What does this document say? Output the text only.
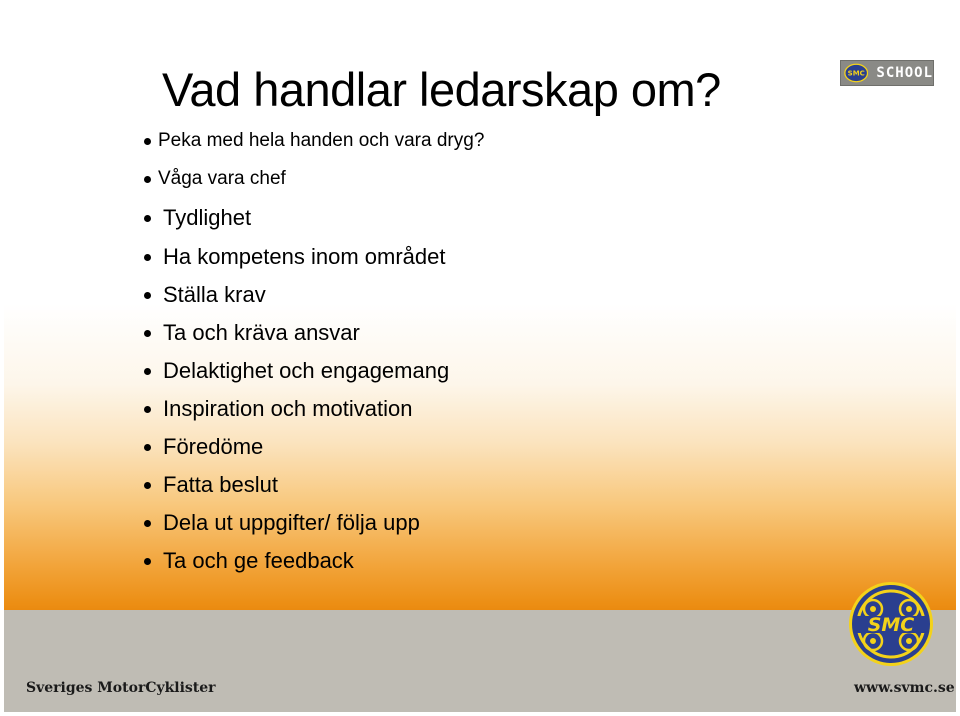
Vad handlar ledarskap om?
Peka med hela handen och vara dryg?
Våga vara chef
Tydlighet
Ha kompetens inom området
Ställa krav
Ta och kräva ansvar
Delaktighet och engagemang
Inspiration och motivation
Föredöme
Fatta beslut
Dela ut uppgifter/ följa upp
Ta och ge feedback
SMC SCHOOL
SMC
Sveriges MotorCyklister	www.svmc.se
